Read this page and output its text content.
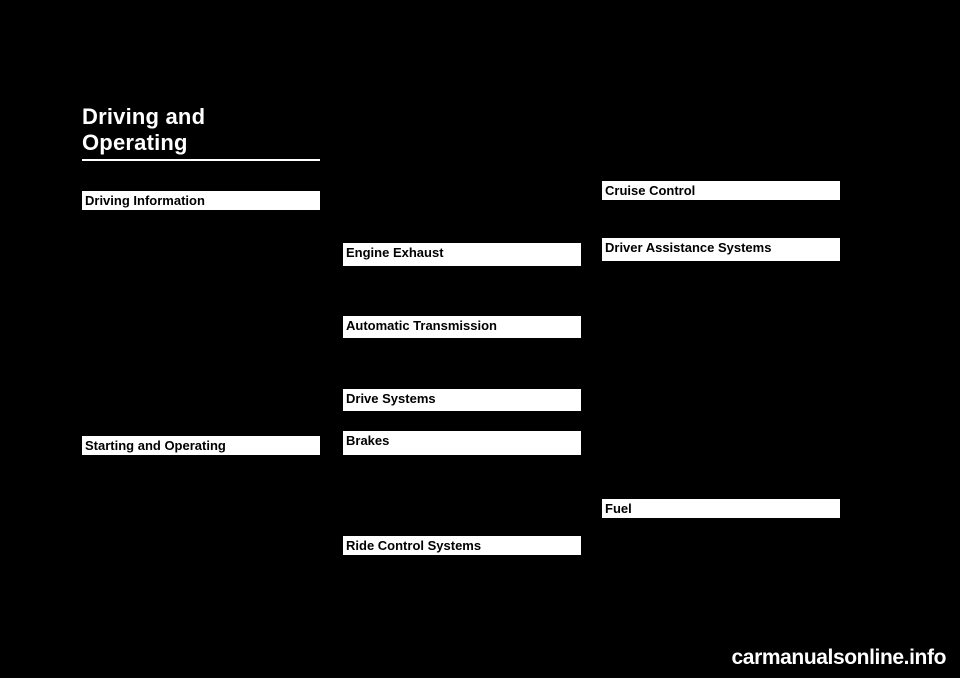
Driving and
Operating
Driving Information
Driver Behavior
Vehicle Design
Distracted Driving
Control of a Vehicle
Braking
Steering
Off-Road Recovery
Loss of Control
Driving on Wet Roads
Highway Hypnosis
Hill and Mountain Roads
Winter Driving
If the Vehicle Is Stuck
Vehicle Load Limits
Starting and Operating
New Vehicle Break-In
Ignition Positions
Starting the Engine
Engine Heater
Shifting Into Park
Shifting Out of Park
Parking Over Things That Burn
Active Fuel Management
Engine Exhaust
Engine Exhaust
Running the Vehicle While Parked
Automatic Transmission
Automatic Transmission
Manual Mode
Drive Systems
All-Wheel Drive
Brakes
Antilock Brake System (ABS)
Parking Brake
Brake Assist
Electric Parking Brake
Hill Start Assist (HSA)
Ride Control Systems
Traction Control System (TCS)
StabiliTrak System
Electronic Stability Control
Cruise Control
Cruise Control
Adaptive Cruise Control
Driver Assistance Systems
Driver Assistance Systems
Assistance Systems for Parking or Backing
Rear Vision Camera (RVC)
Forward Collision Alert (FCA) System
Automatic Emergency Braking
Lane Keep Assist (LKA)
Side Blind Zone Alert (SBZA)
Rear Cross Traffic Alert (RCTA)
Fuel
Fuel
Recommended Fuel
Gasoline Specifications
California Fuel Requirements
Fuels in Foreign Countries
Filling the Tank
Filling a Portable Fuel Container
carmanualsonline.info
